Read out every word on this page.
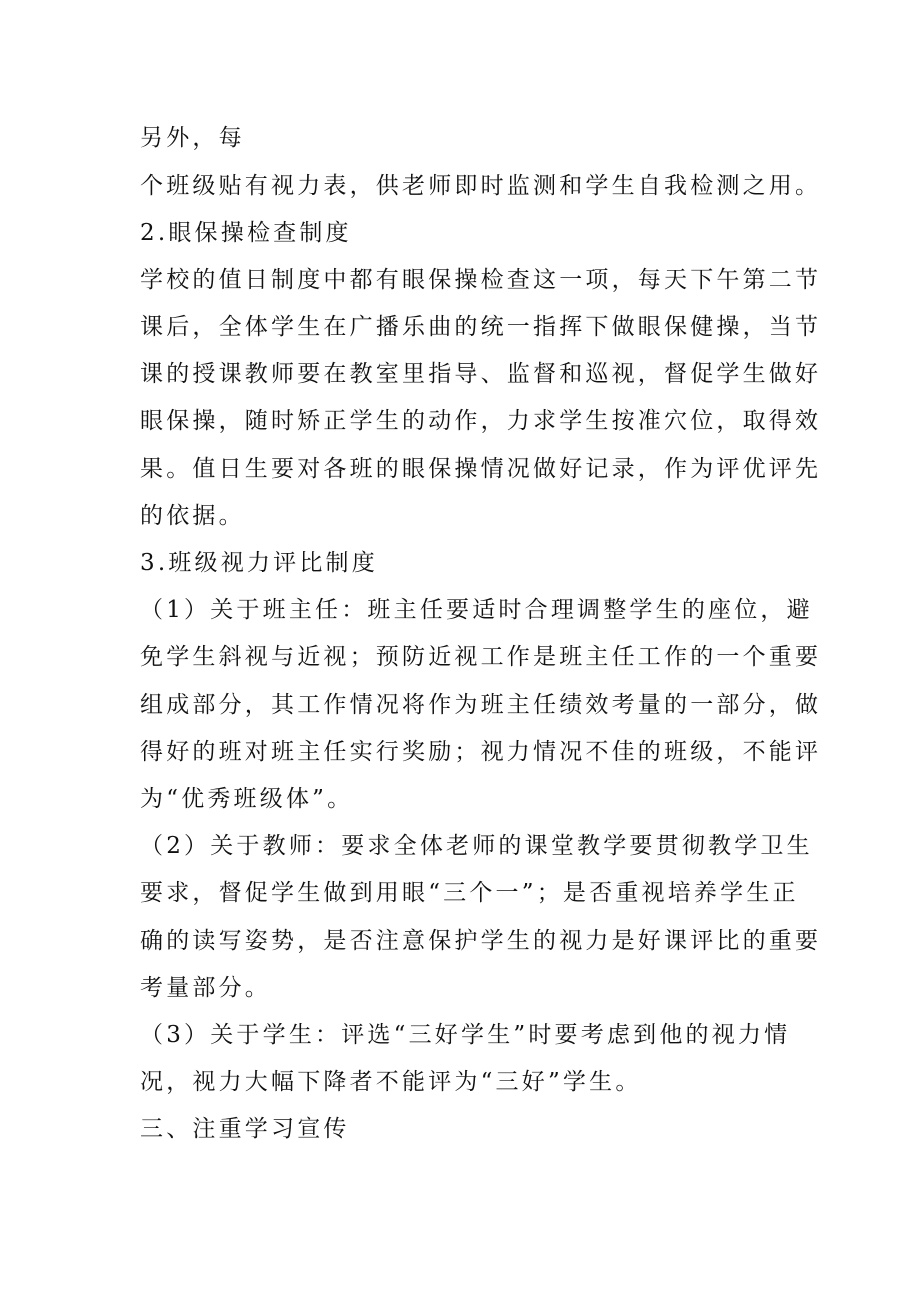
另外，每
个班级贴有视力表，供老师即时监测和学生自我检测之用。
2.眼保操检查制度
学校的值日制度中都有眼保操检查这一项，每天下午第二节
课后，全体学生在广播乐曲的统一指挥下做眼保健操，当节
课的授课教师要在教室里指导、监督和巡视，督促学生做好
眼保操，随时矫正学生的动作，力求学生按准穴位，取得效
果。值日生要对各班的眼保操情况做好记录，作为评优评先
的依据。
3.班级视力评比制度
（1）关于班主任：班主任要适时合理调整学生的座位，避
免学生斜视与近视；预防近视工作是班主任工作的一个重要
组成部分，其工作情况将作为班主任绩效考量的一部分，做
得好的班对班主任实行奖励；视力情况不佳的班级，不能评
为“优秀班级体”。
（2）关于教师：要求全体老师的课堂教学要贯彻教学卫生
要求，督促学生做到用眼“三个一”；是否重视培养学生正
确的读写姿势，是否注意保护学生的视力是好课评比的重要
考量部分。
（3）关于学生：评选“三好学生”时要考虑到他的视力情
况，视力大幅下降者不能评为“三好”学生。
三、注重学习宣传
